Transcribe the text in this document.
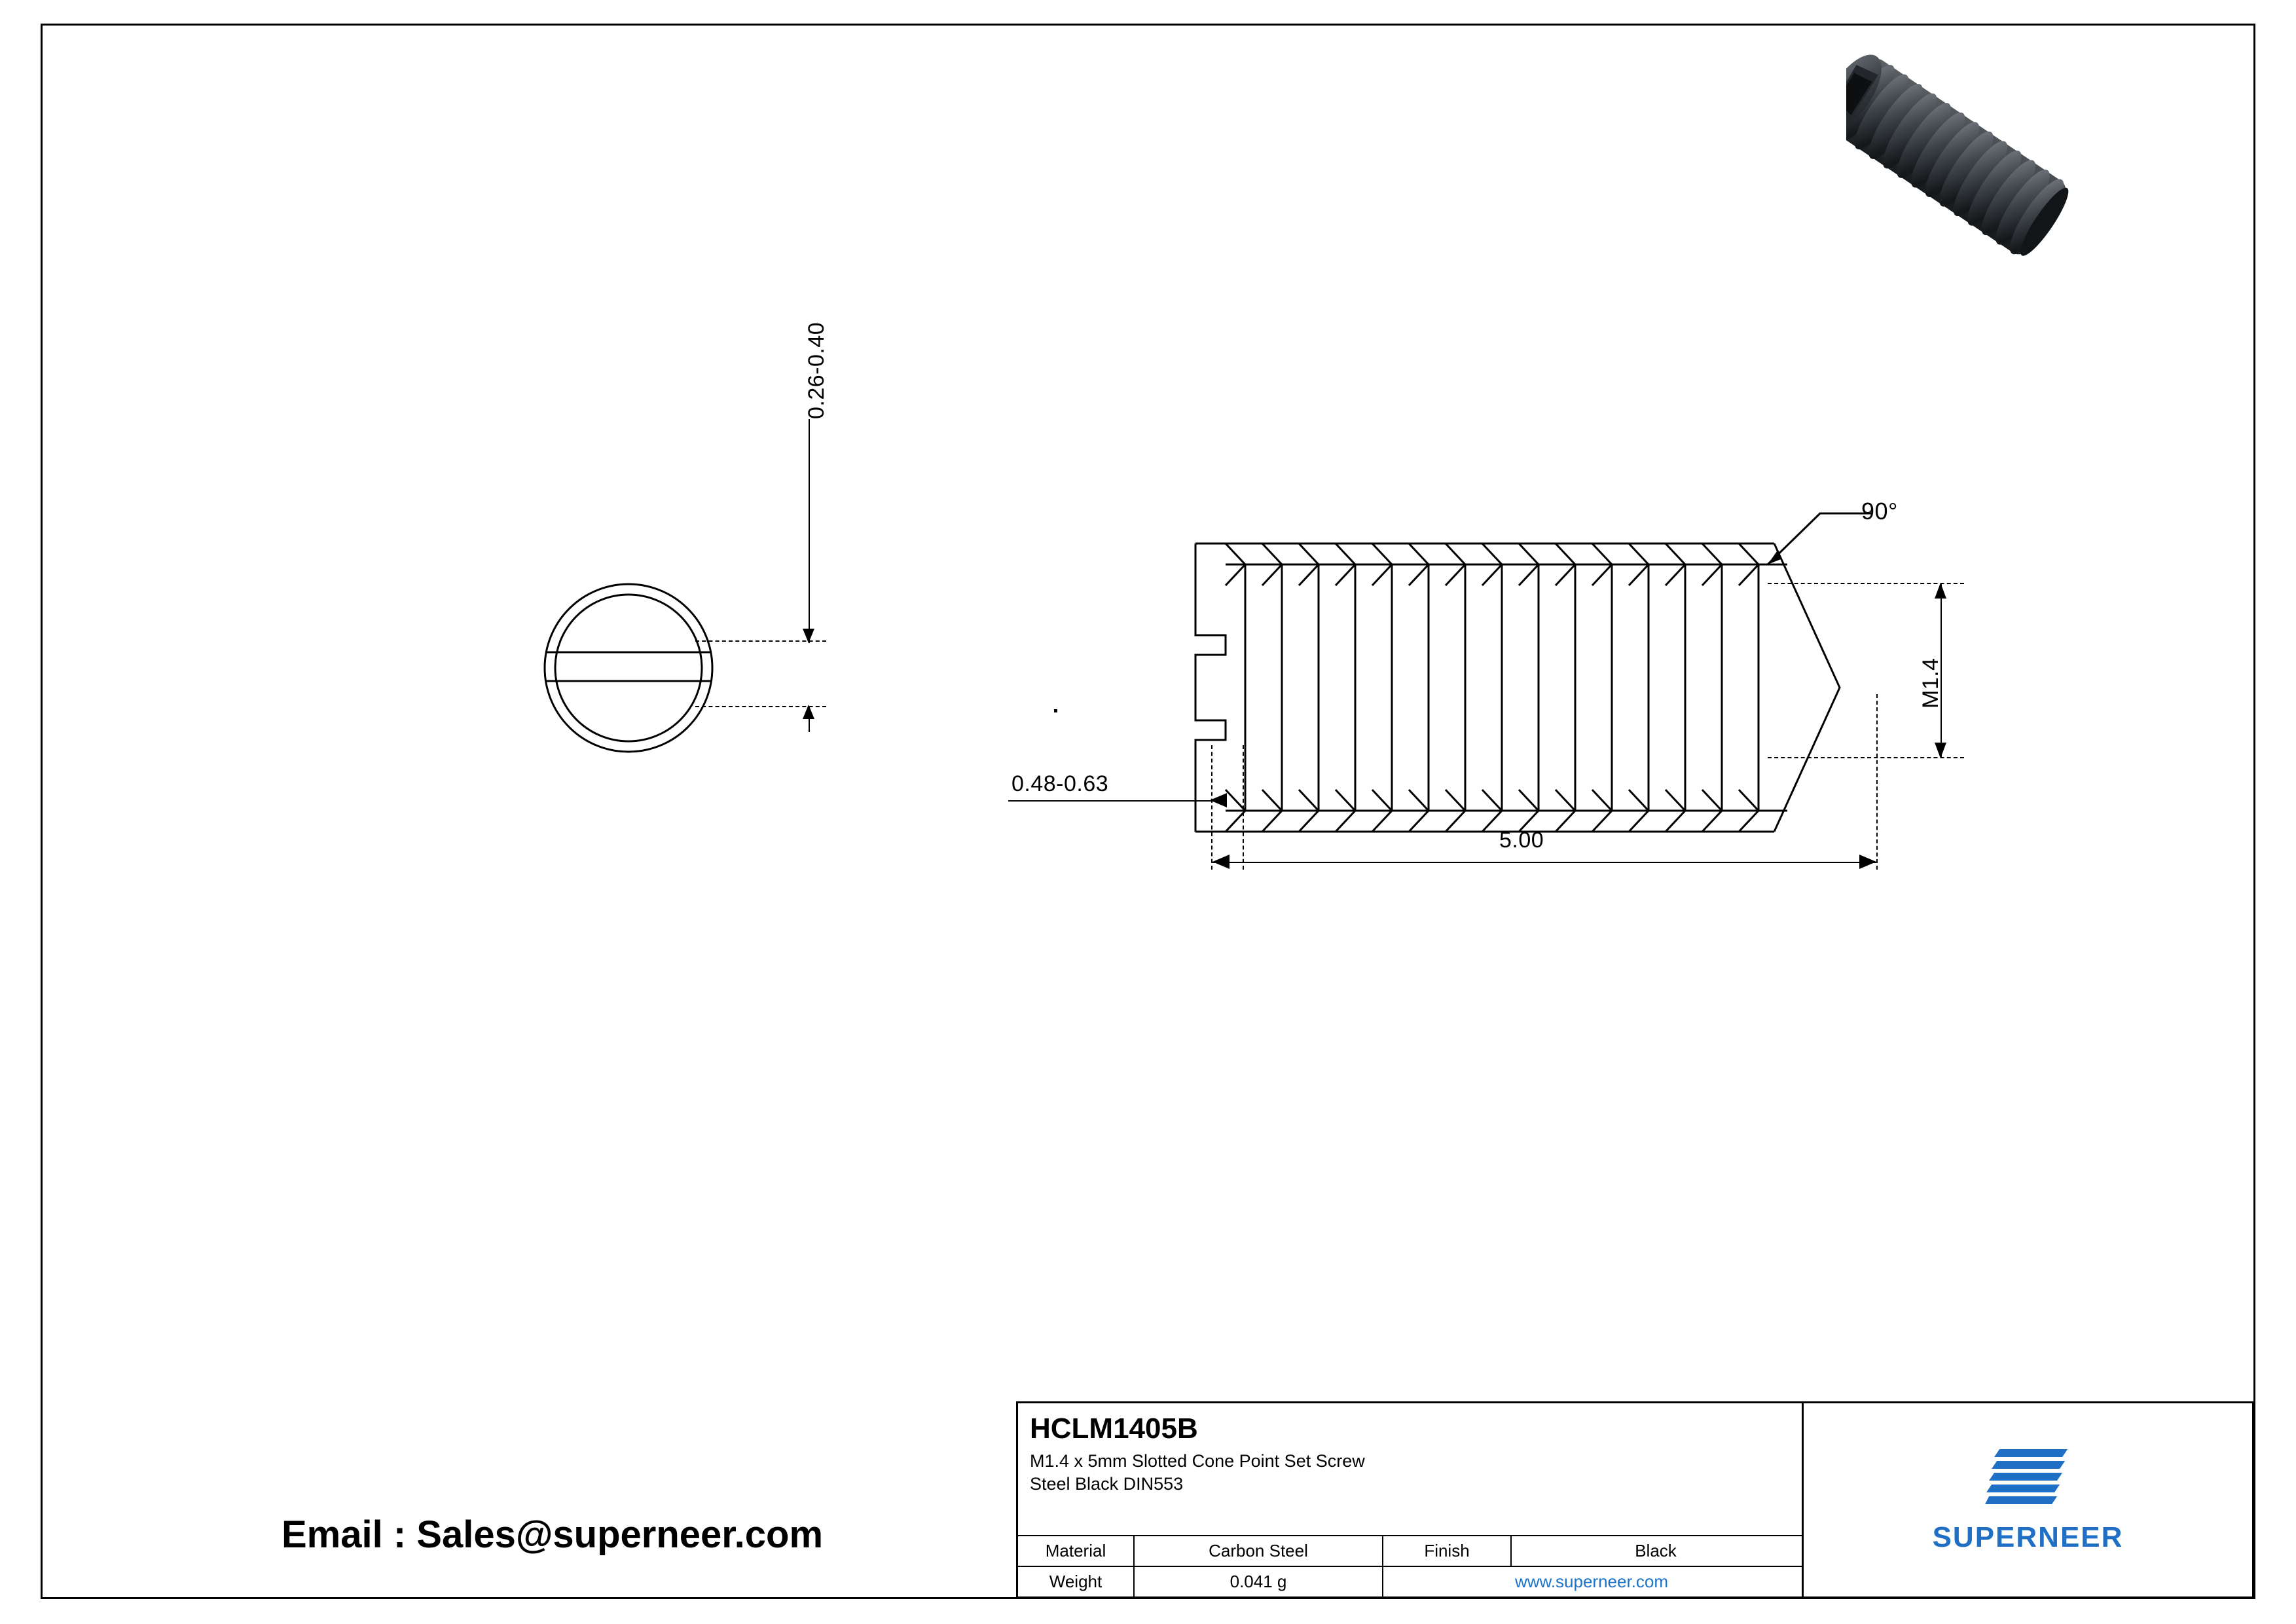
0.26-0.40
90°
M1.4
0.48-0.63
5.00
Email : Sales@superneer.com
HCLM1405B
M1.4 x 5mm Slotted Cone Point Set Screw
Steel Black DIN553
Material	Carbon Steel	Finish	Black
Weight	0.041 g	www.superneer.com
SUPERNEER
